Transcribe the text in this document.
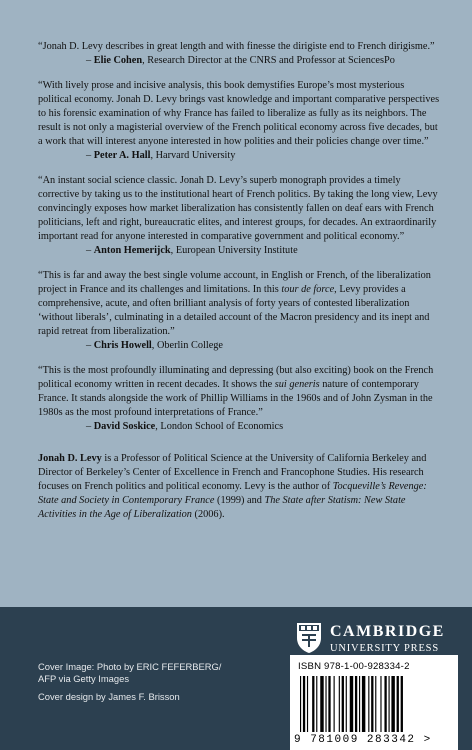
“Jonah D. Levy describes in great length and with finesse the dirigiste end to French dirigisme.”

– Elie Cohen, Research Director at the CNRS and Professor at SciencesPo

“With lively prose and incisive analysis, this book demystifies Europe’s most mysterious political economy. Jonah D. Levy brings vast knowledge and important comparative perspectives to his forensic examination of why France has failed to liberalize as fully as its neighbors. The result is not only a magisterial overview of the French political economy across five decades, but a work that will interest anyone interested in how polities and their policies change over time.”

– Peter A. Hall, Harvard University

“An instant social science classic. Jonah D. Levy’s superb monograph provides a timely corrective by taking us to the institutional heart of French politics. By taking the long view, Levy convincingly exposes how market liberalization has consistently fallen on deaf ears with French politicians, left and right, bureaucratic elites, and interest groups, for decades. An extraordinarily important read for anyone interested in comparative government and political economy.”

– Anton Hemerijck, European University Institute

“This is far and away the best single volume account, in English or French, of the liberalization project in France and its challenges and limitations. In this tour de force, Levy provides a comprehensive, acute, and often brilliant analysis of forty years of contested liberalization ‘without liberals’, culminating in a detailed account of the Macron presidency and its inept and rapid retreat from liberalization.”

– Chris Howell, Oberlin College

“This is the most profoundly illuminating and depressing (but also exciting) book on the French political economy written in recent decades. It shows the sui generis nature of contemporary France. It stands alongside the work of Phillip Williams in the 1960s and of John Zysman in the 1980s as the most profound interpretations of France.”

– David Soskice, London School of Economics
Jonah D. Levy is a Professor of Political Science at the University of California Berkeley and Director of Berkeley’s Center of Excellence in French and Francophone Studies. His research focuses on French politics and political economy. Levy is the author of Tocqueville’s Revenge: State and Society in Contemporary France (1999) and The State after Statism: New State Activities in the Age of Liberalization (2006).
Cover Image: Photo by ERIC FEFERBERG/
AFP via Getty Images
Cover design by James F. Brisson
CAMBRIDGE
UNIVERSITY PRESS
ISBN 978-1-00-928334-2
9 781009 283342 >
